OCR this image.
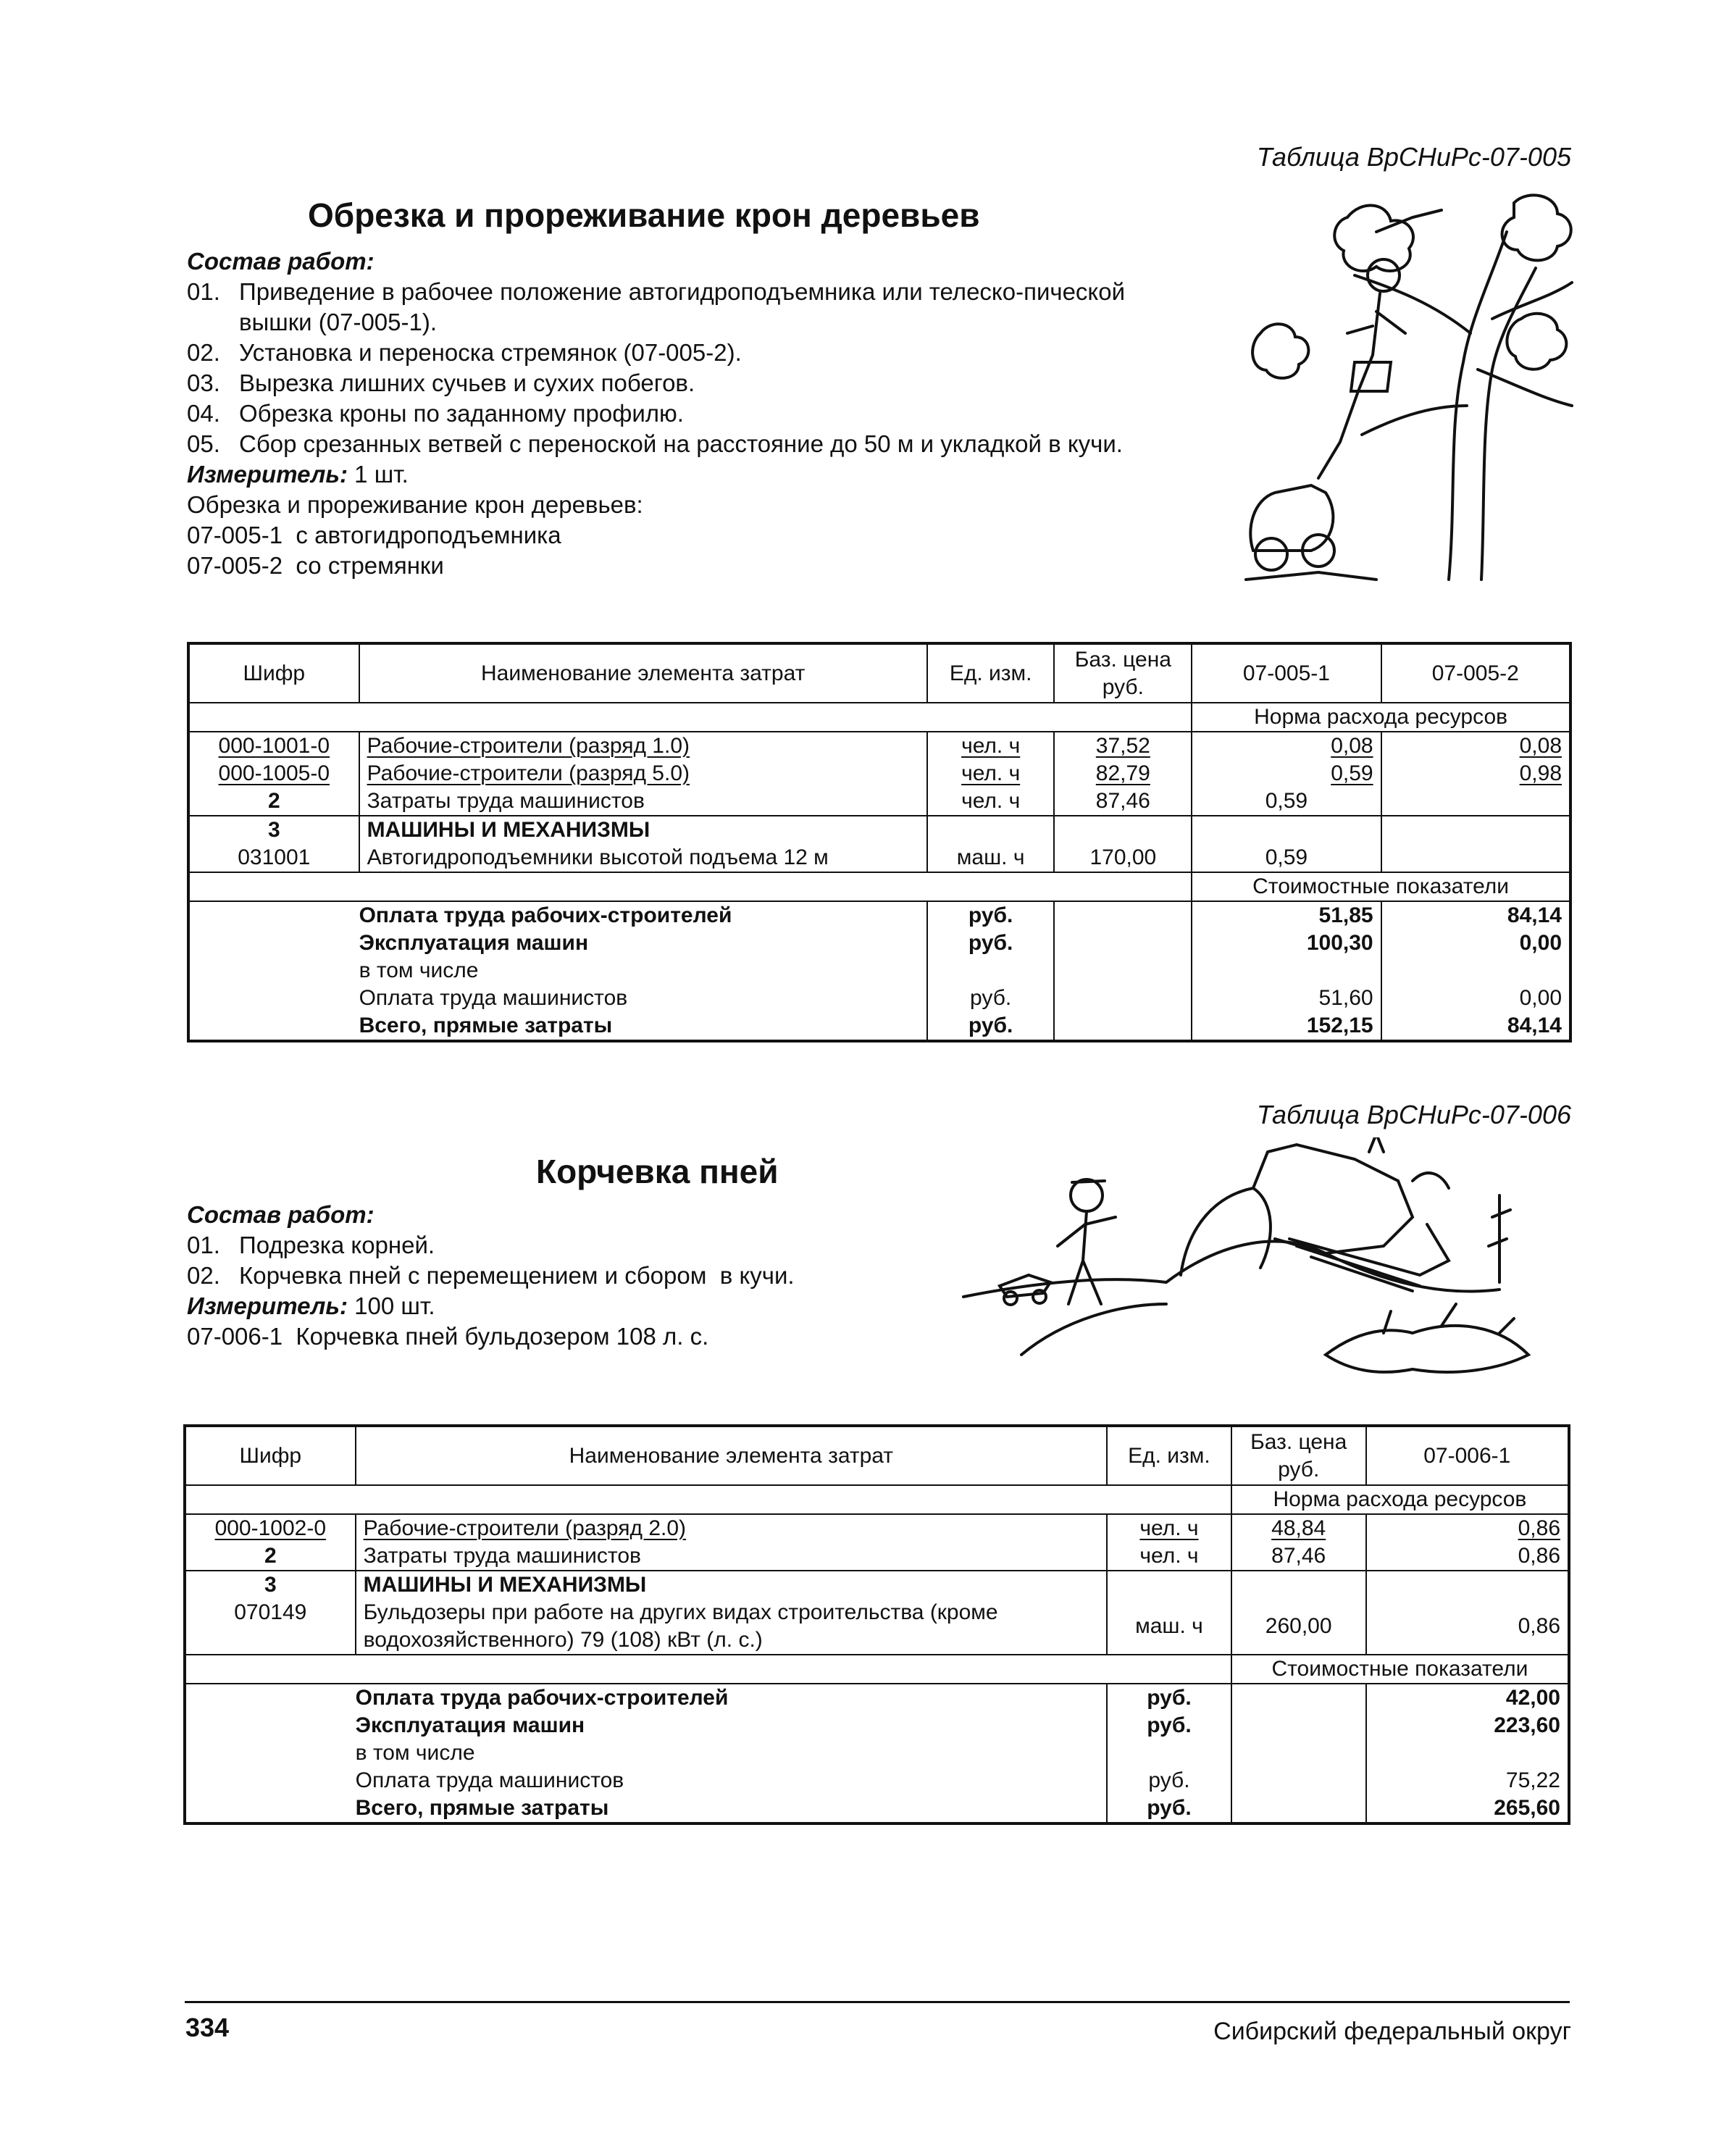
Таблица ВрСНиРс-07-005
Обрезка и прореживание крон деревьев
Состав работ:
01. Приведение в рабочее положение автогидроподъемника или телеско-пической вышки (07-005-1).
02. Установка и переноска стремянок (07-005-2).
03. Вырезка лишних сучьев и сухих побегов.
04. Обрезка кроны по заданному профилю.
05. Сбор срезанных ветвей с переноской на расстояние до 50 м и укладкой в кучи.
Измеритель: 1 шт.
Обрезка и прореживание крон деревьев:
07-005-1  с автогидроподъемника
07-005-2  со стремянки
Шифр	Наименование элемента затрат	Ед. изм.	Баз. цена руб.	07-005-1	07-005-2
				Норма расхода ресурсов	
000-1001-0	Рабочие-строители (разряд 1.0)	чел. ч	37,52	0,08	0,08
000-1005-0	Рабочие-строители (разряд 5.0)	чел. ч	82,79	0,59	0,98
2	Затраты труда машинистов	чел. ч	87,46	0,59	
3	МАШИНЫ И МЕХАНИЗМЫ				
031001	Автогидроподъемники высотой подъема 12 м	маш. ч	170,00	0,59	
				Стоимостные показатели	
	Оплата труда рабочих-строителей	руб.		51,85	84,14
	Эксплуатация машин	руб.		100,30	0,00
	в том числе				
	Оплата труда машинистов	руб.		51,60	0,00
	Всего, прямые затраты	руб.		152,15	84,14
Таблица ВрСНиРс-07-006
Корчевка пней
Состав работ:
01. Подрезка корней.
02. Корчевка пней с перемещением и сбором  в кучи.
Измеритель: 100 шт.
07-006-1  Корчевка пней бульдозером 108 л. с.
Шифр	Наименование элемента затрат	Ед. изм.	Баз. цена руб.	07-006-1
			Норма расхода ресурсов	
000-1002-0	Рабочие-строители (разряд 2.0)	чел. ч	48,84	0,86
2	Затраты труда машинистов	чел. ч	87,46	0,86
3	МАШИНЫ И МЕХАНИЗМЫ			
070149	Бульдозеры при работе на других видах строительства (кроме водохозяйственного) 79 (108) кВт (л. с.)	маш. ч	260,00	0,86
			Стоимостные показатели	
	Оплата труда рабочих-строителей	руб.		42,00
	Эксплуатация машин	руб.		223,60
	в том числе			
	Оплата труда машинистов	руб.		75,22
	Всего, прямые затраты	руб.		265,60
334	Сибирский федеральный округ
